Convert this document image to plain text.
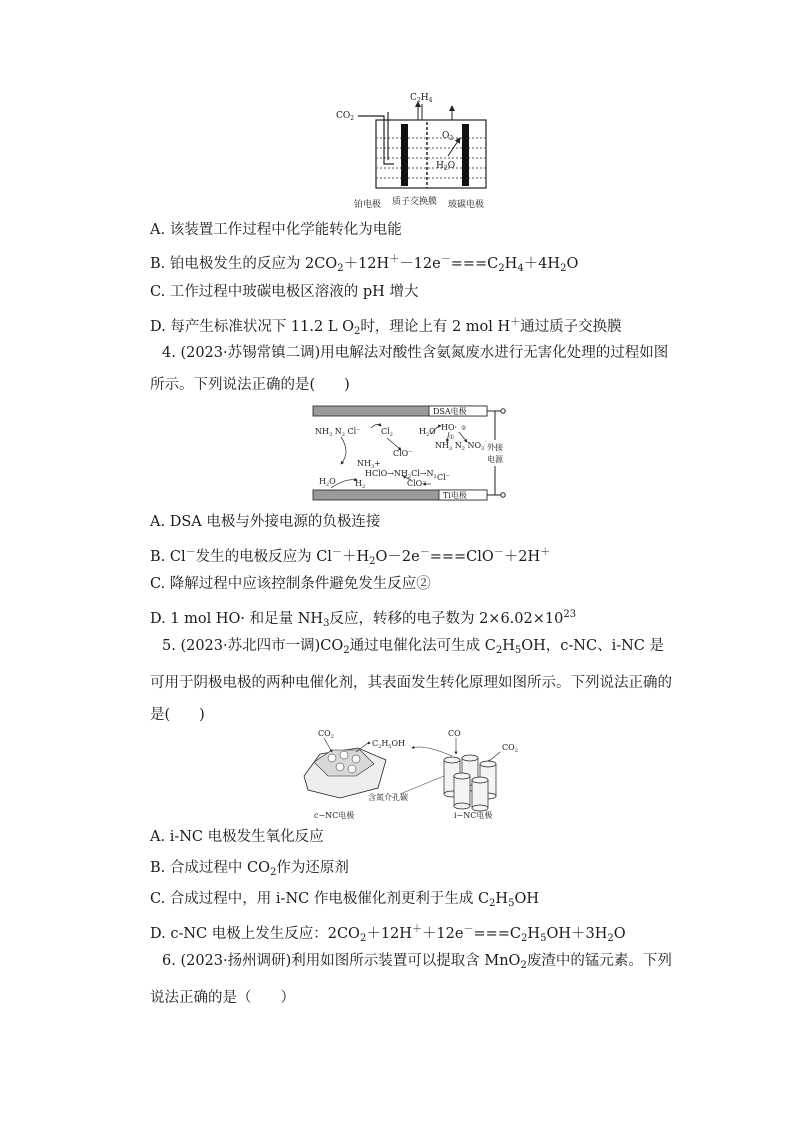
$CO_2$
$C_2H_4$
$O_2$
$H_2O$
铂电极 质子交换膜 玻碳电极
A. 该装置工作过程中化学能转化为电能
B. 铂电极发生的反应为 $2CO_2+12H^+-12e^-===C_2H_4+4H_2O$
C. 工作过程中玻碳电极区溶液的 pH 增大
D. 每产生标准状况下 11.2 L $O_2$时，理论上有 2 mol H＋通过质子交换膜
4. (2023·苏锡常镇二调)用电解法对酸性含氨氮废水进行无害化处理的过程如图所示。下列说法正确的是(　　)
DSA电极
Ti电极
外接
电源
$NH_3$ $N_2$ Cl⁻	$Cl_2$	$H_2O$ HO· ②
①
$NH_3$ $N_2$ $NO_3^{^-}$
ClO⁻
$NH_3+$
$HClO\to NH_2Cl\to N_2$
$H_2O$ $H_2$	ClO⁻
Cl⁻
A. DSA 电极与外接电源的负极连接
B. Cl－发生的电极反应为 $Cl^-+H_2O-2e^-===ClO^-+2H^+$
C. 降解过程中应该控制条件避免发生反应②
D. 1 mol HO· 和足量 $NH_3$反应，转移的电子数为 $2\times 6.02\times 10^{23}$
5. (2023·苏北四市一调)$CO_2$通过电催化法可生成 $C_2H_5OH$，c-NC、i-NC 是可用于阴极电极的两种电催化剂，其表面发生转化原理如图所示。下列说法正确的是(　　)
$CO_2$
$C_2H_5OH$
CO
$CO_2$
含氮介孔碳
c−NC电极	i−NC电极
A. i-NC 电极发生氧化反应
B. 合成过程中 $CO_2$作为还原剂
C. 合成过程中，用 i-NC 作电极催化剂更利于生成 $C_2H_5OH$
D. c-NC 电极上发生反应：$2CO_2+12H^++12e^-===C_2H_5OH+3H_2O$
6. (2023·扬州调研)利用如图所示装置可以提取含 MnO$_2$废渣中的锰元素。下列说法正确的是（　　）
